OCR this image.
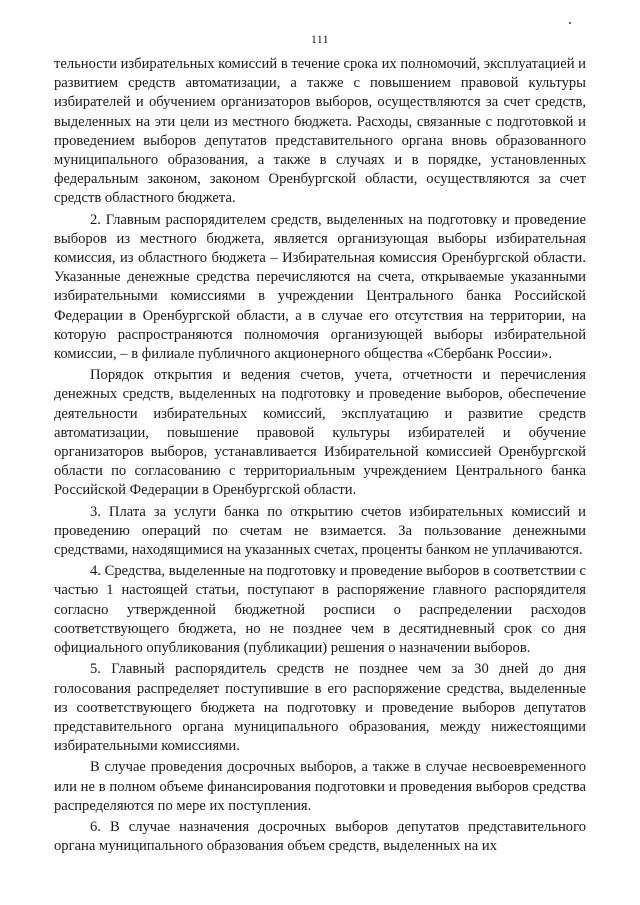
111

тельности избирательных комиссий в течение срока их полномочий, эксплуатацией и развитием средств автоматизации, а также с повышением правовой культуры избирателей и обучением организаторов выборов, осуществляются за счет средств, выделенных на эти цели из местного бюджета. Расходы, связанные с подготовкой и проведением выборов депутатов представительного органа вновь образованного муниципального образования, а также в случаях и в порядке, установленных федеральным законом, законом Оренбургской области, осуществляются за счет средств областного бюджета.

2. Главным распорядителем средств, выделенных на подготовку и проведение выборов из местного бюджета, является организующая выборы избирательная комиссия, из областного бюджета – Избирательная комиссия Оренбургской области. Указанные денежные средства перечисляются на счета, открываемые указанными избирательными комиссиями в учреждении Центрального банка Российской Федерации в Оренбургской области, а в случае его отсутствия на территории, на которую распространяются полномочия организующей выборы избирательной комиссии, – в филиале публичного акционерного общества «Сбербанк России».

Порядок открытия и ведения счетов, учета, отчетности и перечисления денежных средств, выделенных на подготовку и проведение выборов, обеспечение деятельности избирательных комиссий, эксплуатацию и развитие средств автоматизации, повышение правовой культуры избирателей и обучение организаторов выборов, устанавливается Избирательной комиссией Оренбургской области по согласованию с территориальным учреждением Центрального банка Российской Федерации в Оренбургской области.

3. Плата за услуги банка по открытию счетов избирательных комиссий и проведению операций по счетам не взимается. За пользование денежными средствами, находящимися на указанных счетах, проценты банком не уплачиваются.

4. Средства, выделенные на подготовку и проведение выборов в соответствии с частью 1 настоящей статьи, поступают в распоряжение главного распорядителя согласно утвержденной бюджетной росписи о распределении расходов соответствующего бюджета, но не позднее чем в десятидневный срок со дня официального опубликования (публикации) решения о назначении выборов.

5. Главный распорядитель средств не позднее чем за 30 дней до дня голосования распределяет поступившие в его распоряжение средства, выделенные из соответствующего бюджета на подготовку и проведение выборов депутатов представительного органа муниципального образования, между нижестоящими избирательными комиссиями.

В случае проведения досрочных выборов, а также в случае несвоевременного или не в полном объеме финансирования подготовки и проведения выборов средства распределяются по мере их поступления.

6. В случае назначения досрочных выборов депутатов представительного органа муниципального образования объем средств, выделенных на их
